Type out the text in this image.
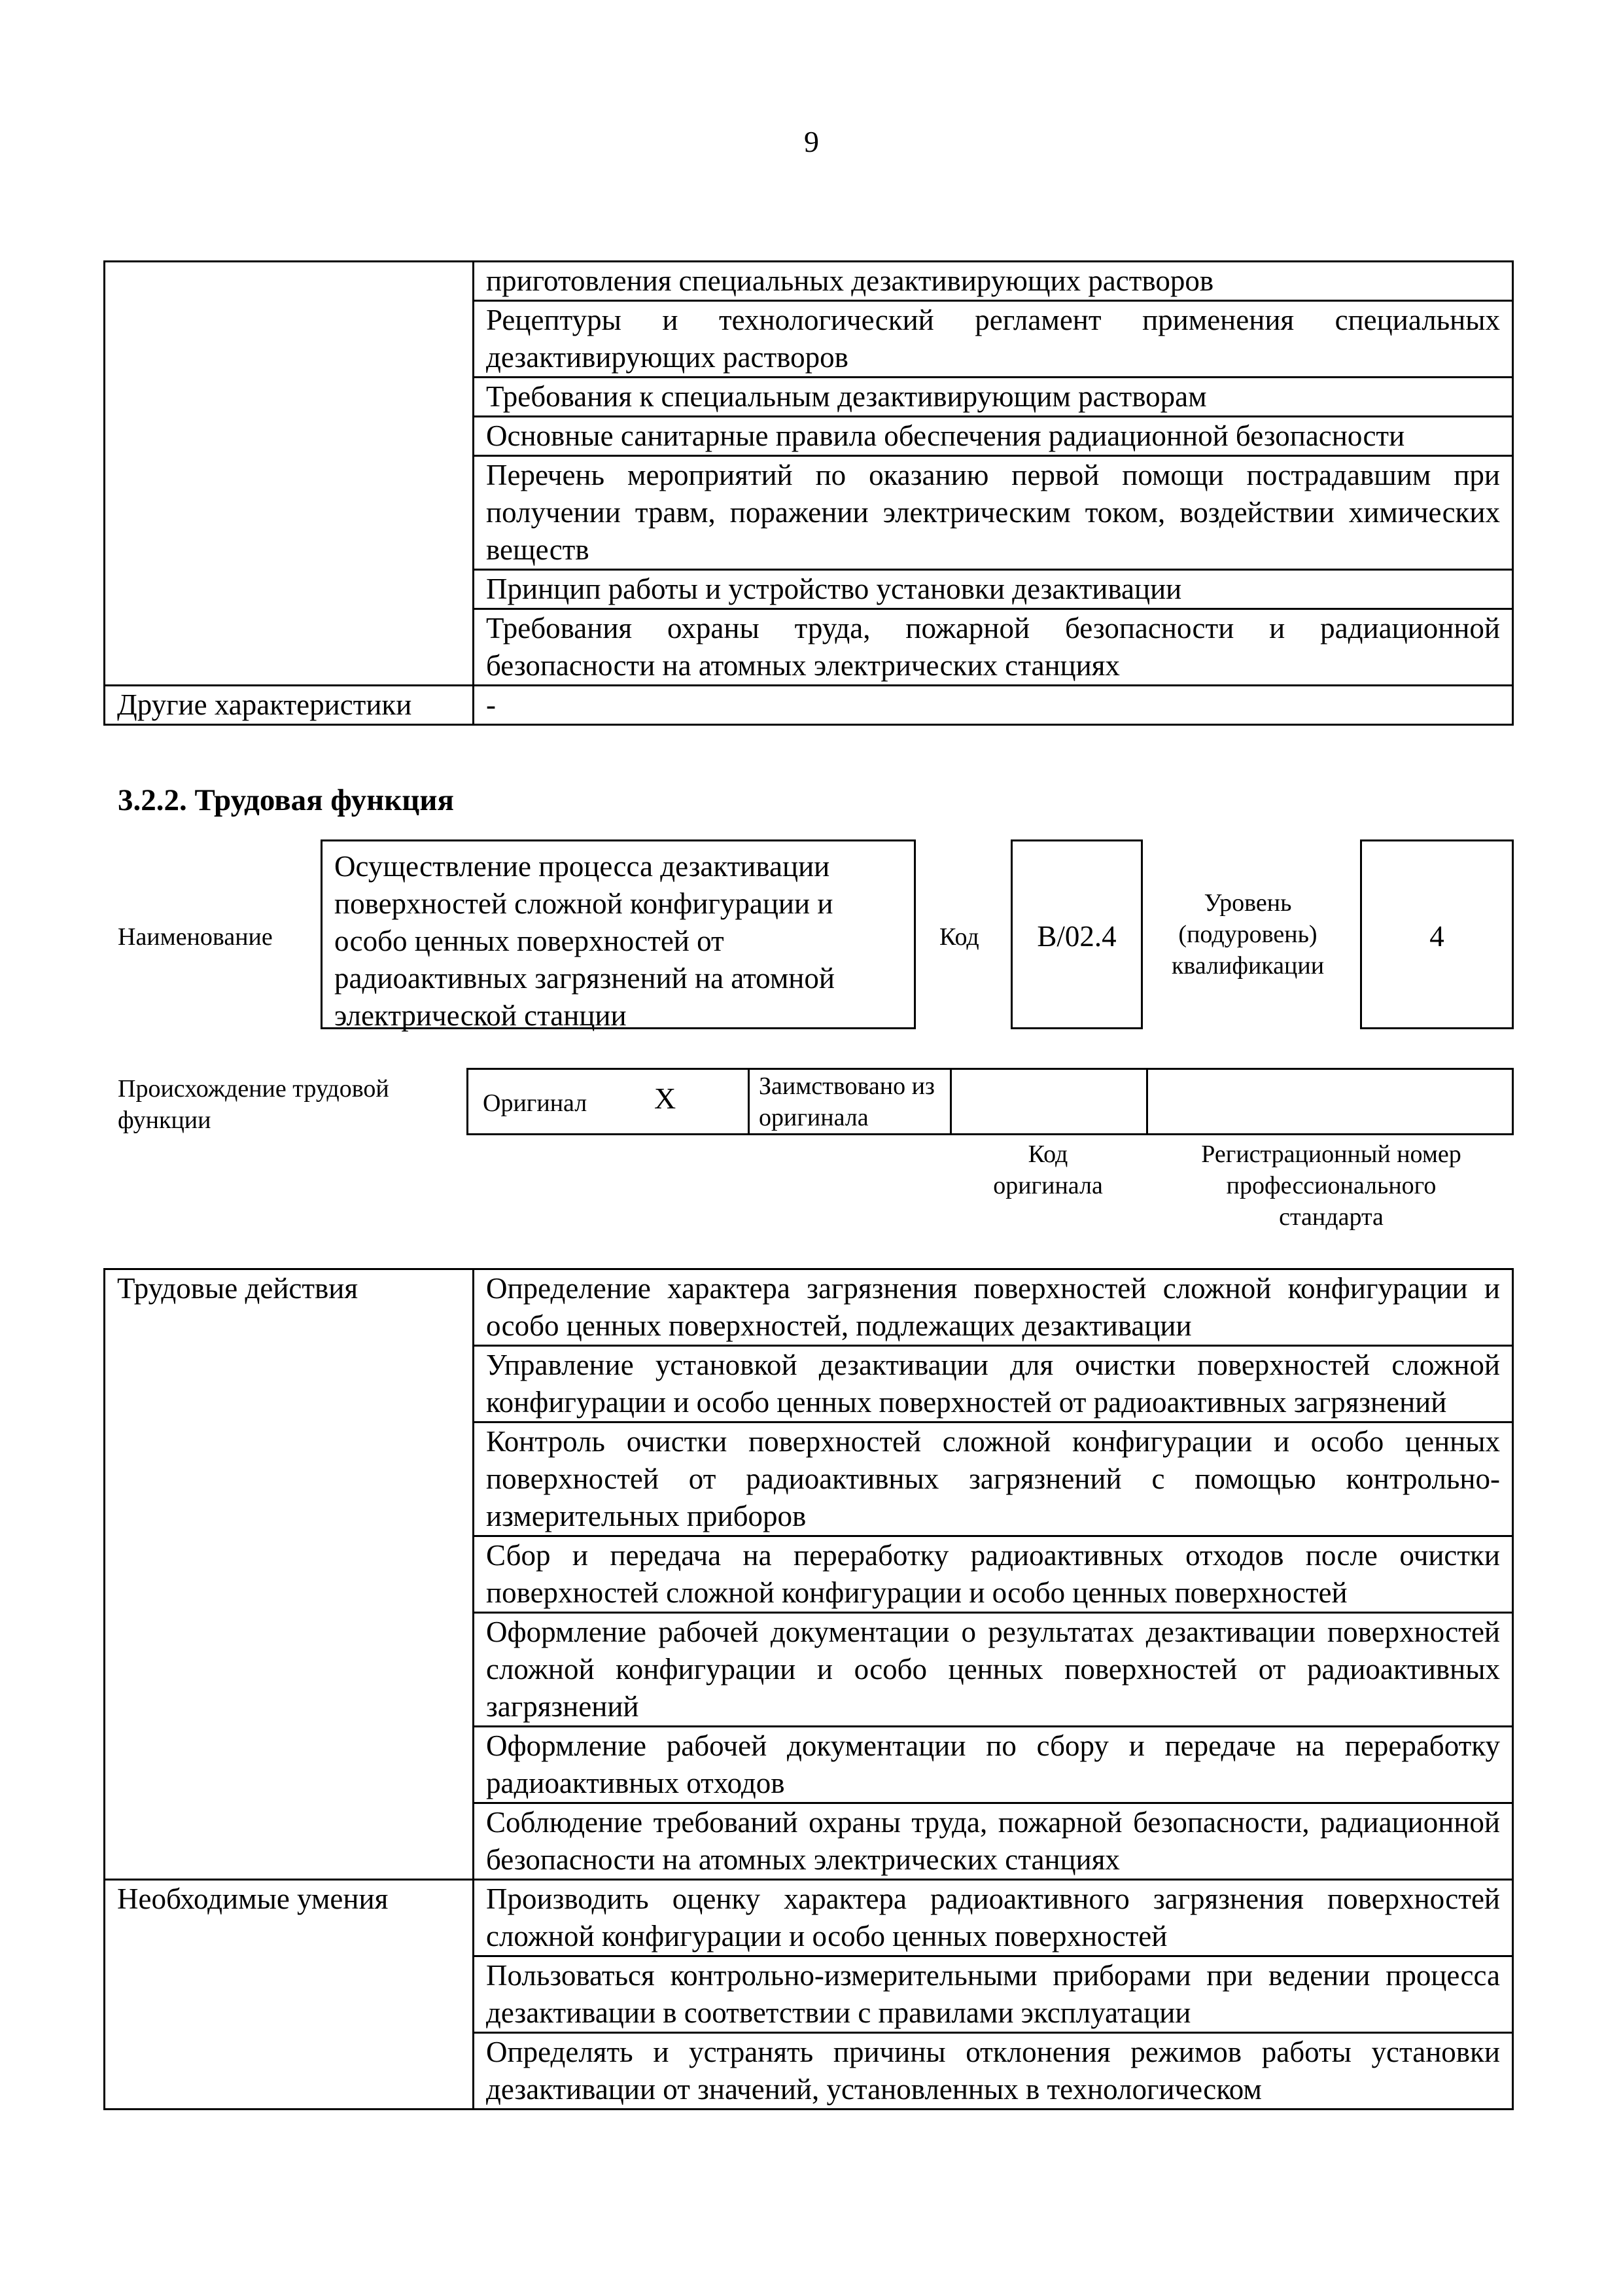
9
	приготовления специальных дезактивирующих растворов
	Рецептуры и технологический регламент применения специальных дезактивирующих растворов
	Требования к специальным дезактивирующим растворам
	Основные санитарные правила обеспечения радиационной безопасности
	Перечень мероприятий по оказанию первой помощи пострадавшим при получении травм, поражении электрическим током, воздействии химических веществ
	Принцип работы и устройство установки дезактивации
	Требования охраны труда, пожарной безопасности и радиационной безопасности на атомных электрических станциях
Другие характеристики	-
3.2.2. Трудовая функция
Наименование
Осуществление процесса дезактивации поверхностей сложной конфигурации и особо ценных поверхностей от радиоактивных загрязнений на атомной электрической станции
Код	B/02.4
Уровень (подуровень) квалификации
4
Происхождение трудовой функции
Оригинал X	Заимствовано из оригинала
Код оригинала
Регистрационный номер профессионального стандарта
Трудовые действия	Определение характера загрязнения поверхностей сложной конфигурации и особо ценных поверхностей, подлежащих дезактивации
	Управление установкой дезактивации для очистки поверхностей сложной конфигурации и особо ценных поверхностей от радиоактивных загрязнений
	Контроль очистки поверхностей сложной конфигурации и особо ценных поверхностей от радиоактивных загрязнений с помощью контрольно-измерительных приборов
	Сбор и передача на переработку радиоактивных отходов после очистки поверхностей сложной конфигурации и особо ценных поверхностей
	Оформление рабочей документации о результатах дезактивации поверхностей сложной конфигурации и особо ценных поверхностей от радиоактивных загрязнений
	Оформление рабочей документации по сбору и передаче на переработку радиоактивных отходов
	Соблюдение требований охраны труда, пожарной безопасности, радиационной безопасности на атомных электрических станциях
Необходимые умения	Производить оценку характера радиоактивного загрязнения поверхностей сложной конфигурации и особо ценных поверхностей
	Пользоваться контрольно-измерительными приборами при ведении процесса дезактивации в соответствии с правилами эксплуатации
	Определять и устранять причины отклонения режимов работы установки дезактивации от значений, установленных в технологическом
